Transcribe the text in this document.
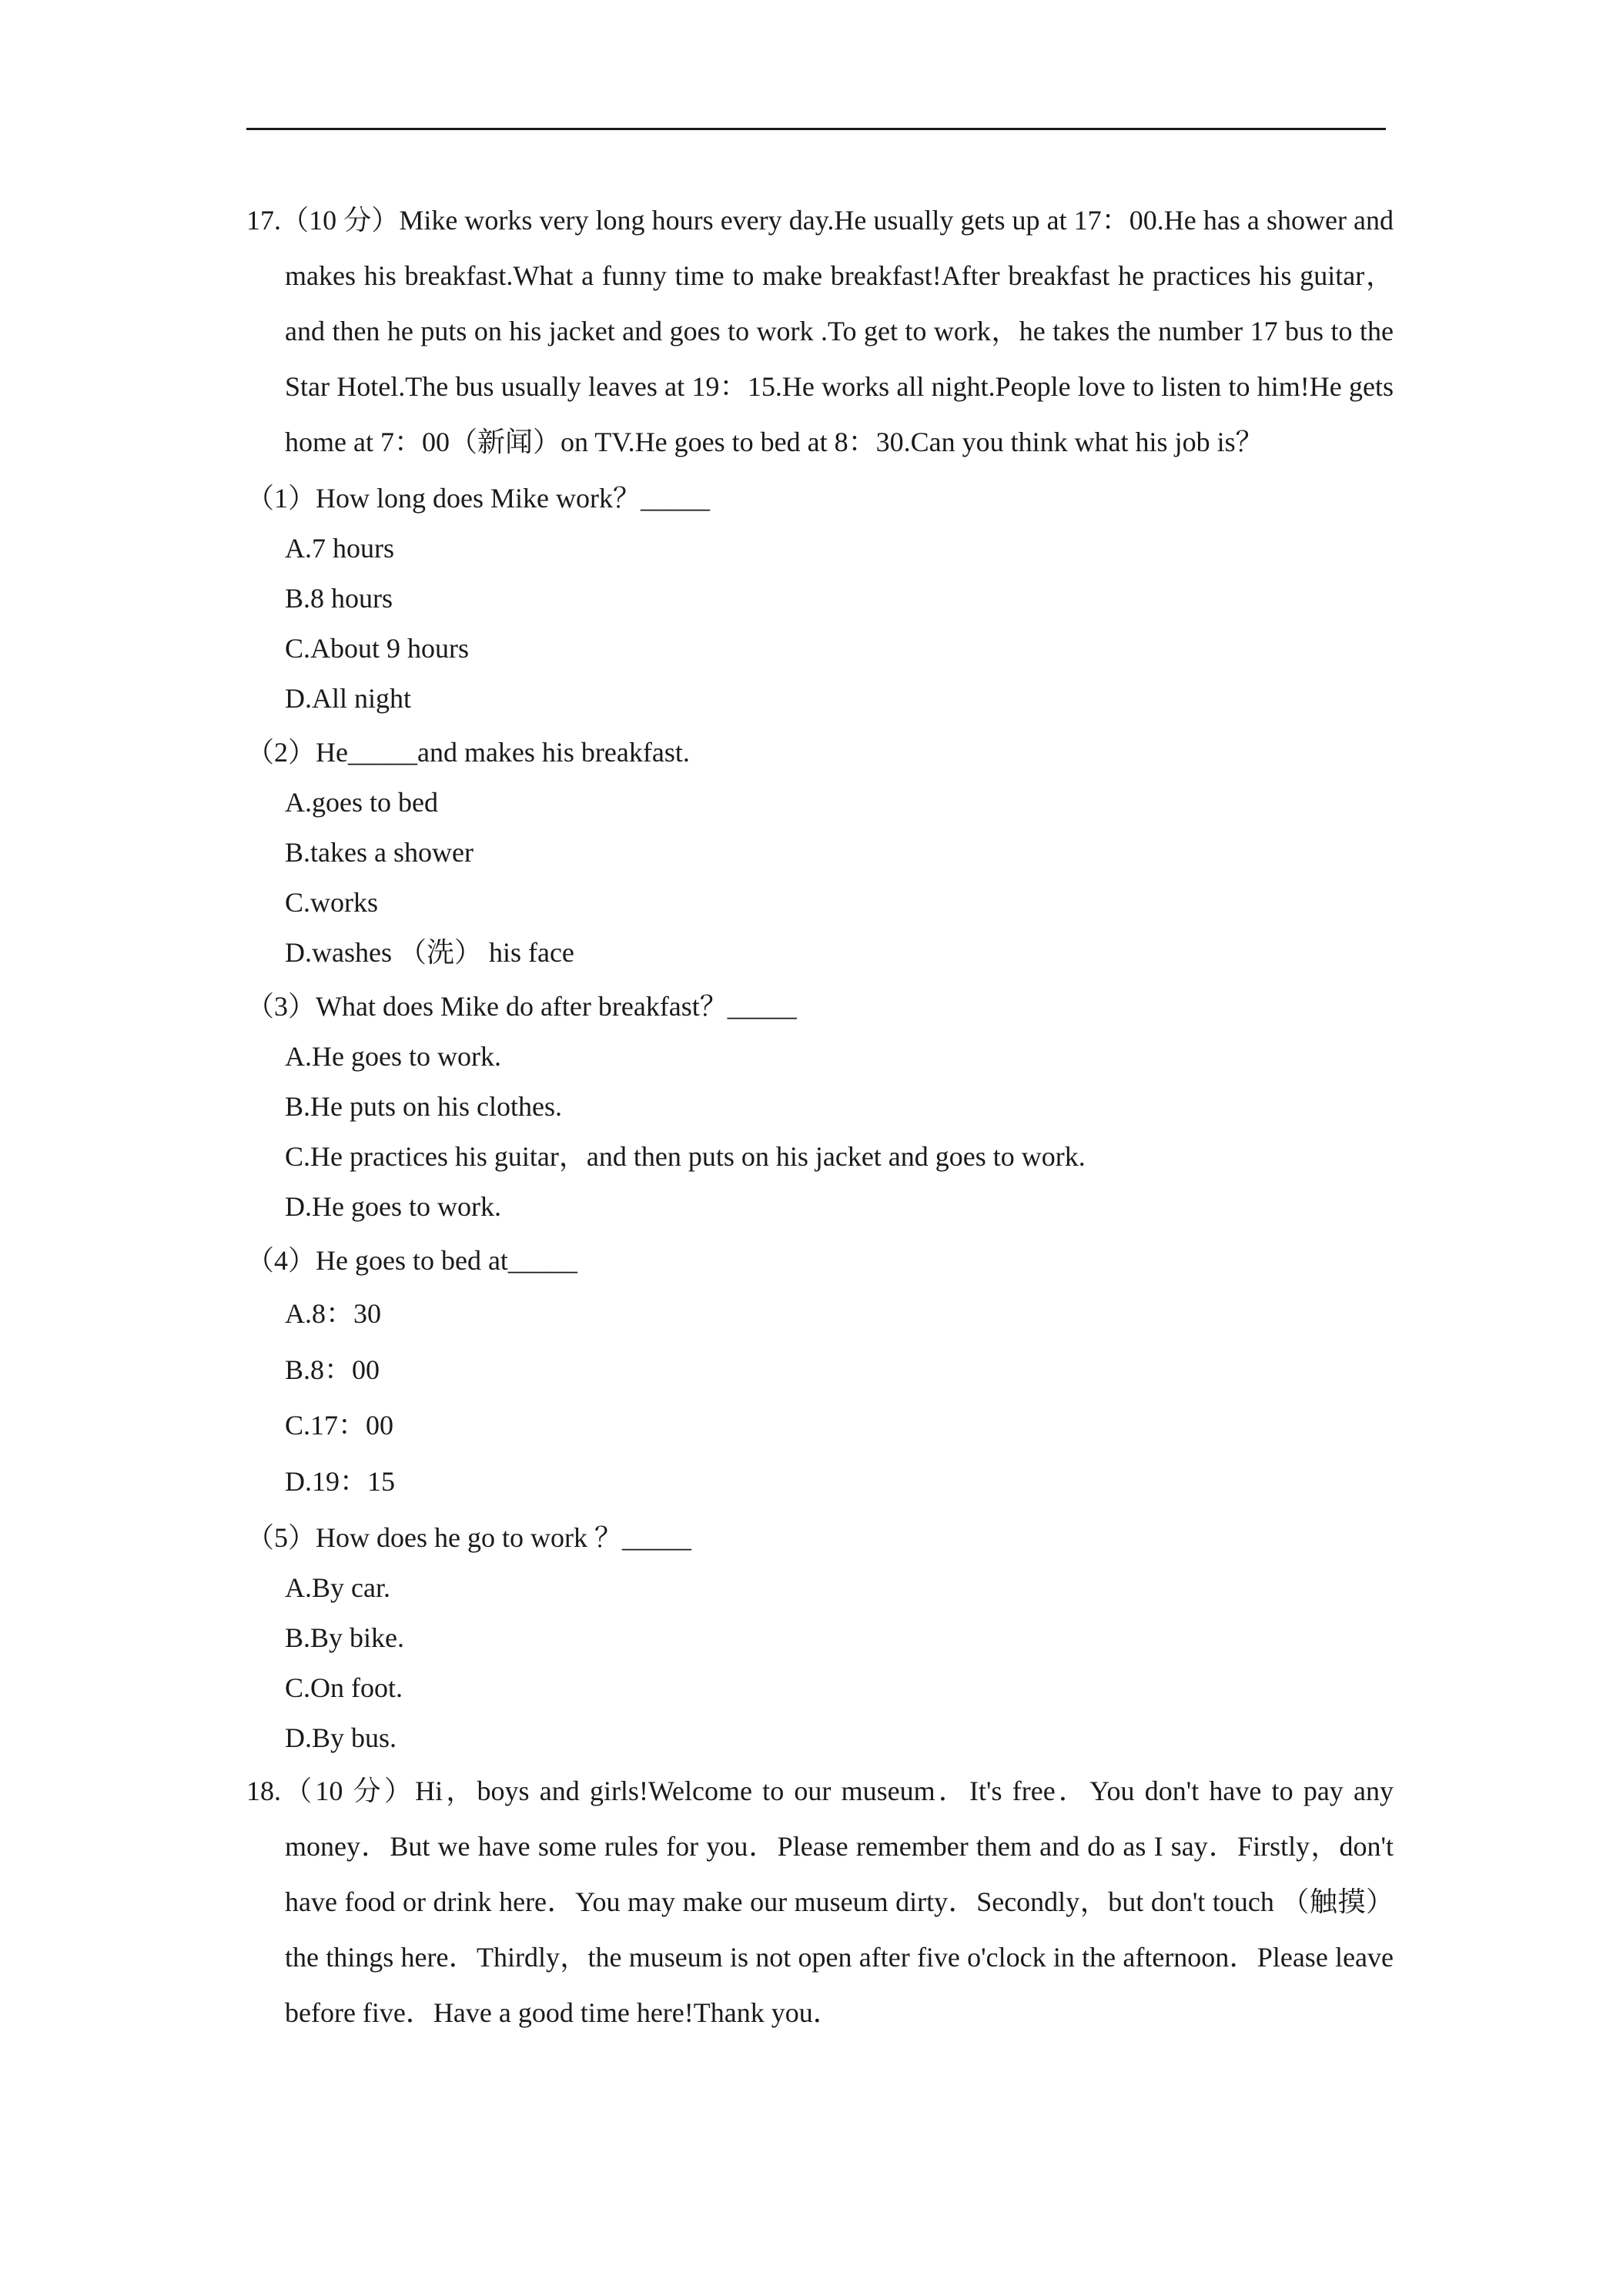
17.（10 分）Mike works very long hours every day.He usually gets up at 17：00.He has a shower and makes his breakfast.What a funny time to make breakfast!After breakfast he practices his guitar，and then he puts on his jacket and goes to work .To get to work，he takes the number 17 bus to the Star Hotel.The bus usually leaves at 19：15.He works all night.People love to listen to him!He gets home at 7：00（新闻）on TV.He goes to bed at 8：30.Can you think what his job is？

（1）How long does Mike work？_____
A.7 hours
B.8 hours
C.About 9 hours
D.All night
（2）He_____and makes his breakfast.
A.goes to bed
B.takes a shower
C.works
D.washes （洗） his face
（3）What does Mike do after breakfast？_____
A.He goes to work.
B.He puts on his clothes.
C.He practices his guitar，and then puts on his jacket and goes to work.
D.He goes to work.
（4）He goes to bed at_____
A.8：30
B.8：00
C.17：00
D.19：15
（5）How does he go to work ？_____
A.By car.
B.By bike.
C.On foot.
D.By bus.

18.（10 分）Hi，boys and girls!Welcome to our museum．It's free．You don't have to pay any money．But we have some rules for you．Please remember them and do as I say．Firstly，don't have food or drink here．You may make our museum dirty．Secondly，but don't touch （触摸）the things here．Thirdly，the museum is not open after five o'clock in the afternoon．Please leave before five．Have a good time here!Thank you．
